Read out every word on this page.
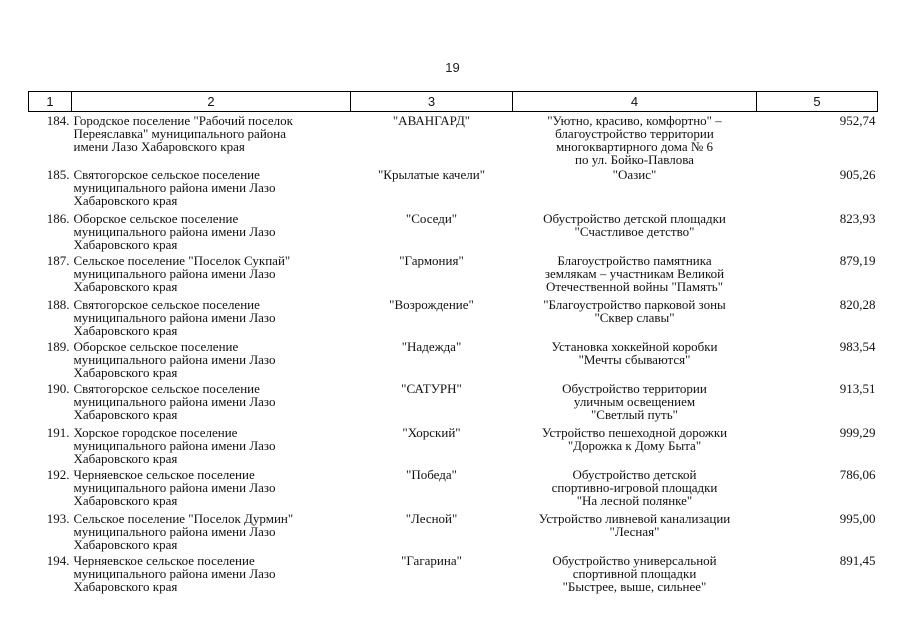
19
1	2	3	4	5
184.	Городское поселение "Рабочий поселок
Переяславка" муниципального района
имени Лазо Хабаровского края	"АВАНГАРД"	"Уютно, красиво, комфортно" –
благоустройство территории
многоквартирного дома № 6
по ул. Бойко-Павлова	952,74
185.	Святогорское сельское поселение
муниципального района имени Лазо
Хабаровского края	"Крылатые качели"	"Оазис"	905,26
186.	Оборское сельское поселение
муниципального района имени Лазо
Хабаровского края	"Соседи"	Обустройство детской площадки
"Счастливое детство"	823,93
187.	Сельское поселение "Поселок Сукпай"
муниципального района имени Лазо
Хабаровского края	"Гармония"	Благоустройство памятника
землякам – участникам Великой
Отечественной войны "Память"	879,19
188.	Святогорское сельское поселение
муниципального района имени Лазо
Хабаровского края	"Возрождение"	"Благоустройство парковой зоны
"Сквер славы"	820,28
189.	Оборское сельское поселение
муниципального района имени Лазо
Хабаровского края	"Надежда"	Установка хоккейной коробки
"Мечты сбываются"	983,54
190.	Святогорское сельское поселение
муниципального района имени Лазо
Хабаровского края	"САТУРН"	Обустройство территории
уличным освещением
"Светлый путь"	913,51
191.	Хорское городское поселение
муниципального района имени Лазо
Хабаровского края	"Хорский"	Устройство пешеходной дорожки
"Дорожка к Дому Быта"	999,29
192.	Черняевское сельское поселение
муниципального района имени Лазо
Хабаровского края	"Победа"	Обустройство детской
спортивно-игровой площадки
"На лесной полянке"	786,06
193.	Сельское поселение "Поселок Дурмин"
муниципального района имени Лазо
Хабаровского края	"Лесной"	Устройство ливневой канализации
"Лесная"	995,00
194.	Черняевское сельское поселение
муниципального района имени Лазо
Хабаровского края	"Гагарина"	Обустройство универсальной
спортивной площадки
"Быстрее, выше, сильнее"	891,45
